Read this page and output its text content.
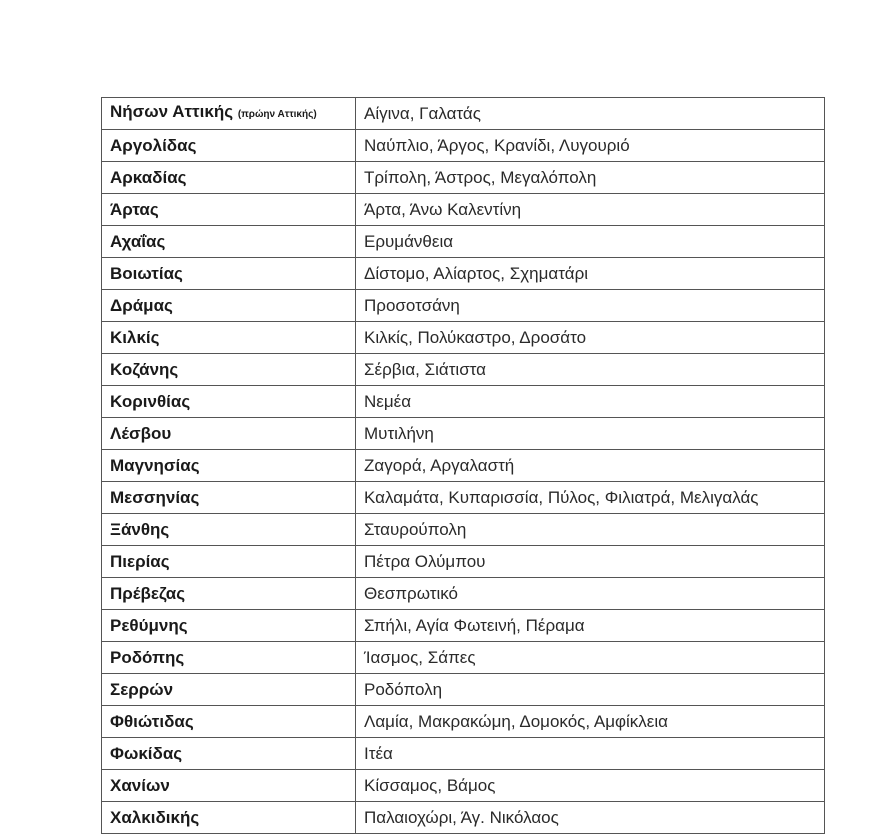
Νήσων Αττικής (πρώην Αττικής)	Αίγινα, Γαλατάς
Αργολίδας	Ναύπλιο, Άργος, Κρανίδι, Λυγουριό
Αρκαδίας	Τρίπολη, Άστρος, Μεγαλόπολη
Άρτας	Άρτα, Άνω Καλεντίνη
Αχαΐας	Ερυμάνθεια
Βοιωτίας	Δίστομο, Αλίαρτος, Σχηματάρι
Δράμας	Προσοτσάνη
Κιλκίς	Κιλκίς, Πολύκαστρο, Δροσάτο
Κοζάνης	Σέρβια, Σιάτιστα
Κορινθίας	Νεμέα
Λέσβου	Μυτιλήνη
Μαγνησίας	Ζαγορά, Αργαλαστή
Μεσσηνίας	Καλαμάτα, Κυπαρισσία, Πύλος, Φιλιατρά, Μελιγαλάς
Ξάνθης	Σταυρούπολη
Πιερίας	Πέτρα Ολύμπου
Πρέβεζας	Θεσπρωτικό
Ρεθύμνης	Σπήλι, Αγία Φωτεινή, Πέραμα
Ροδόπης	Ίασμος, Σάπες
Σερρών	Ροδόπολη
Φθιώτιδας	Λαμία, Μακρακώμη, Δομοκός, Αμφίκλεια
Φωκίδας	Ιτέα
Χανίων	Κίσσαμος, Βάμος
Χαλκιδικής	Παλαιοχώρι, Άγ. Νικόλαος
